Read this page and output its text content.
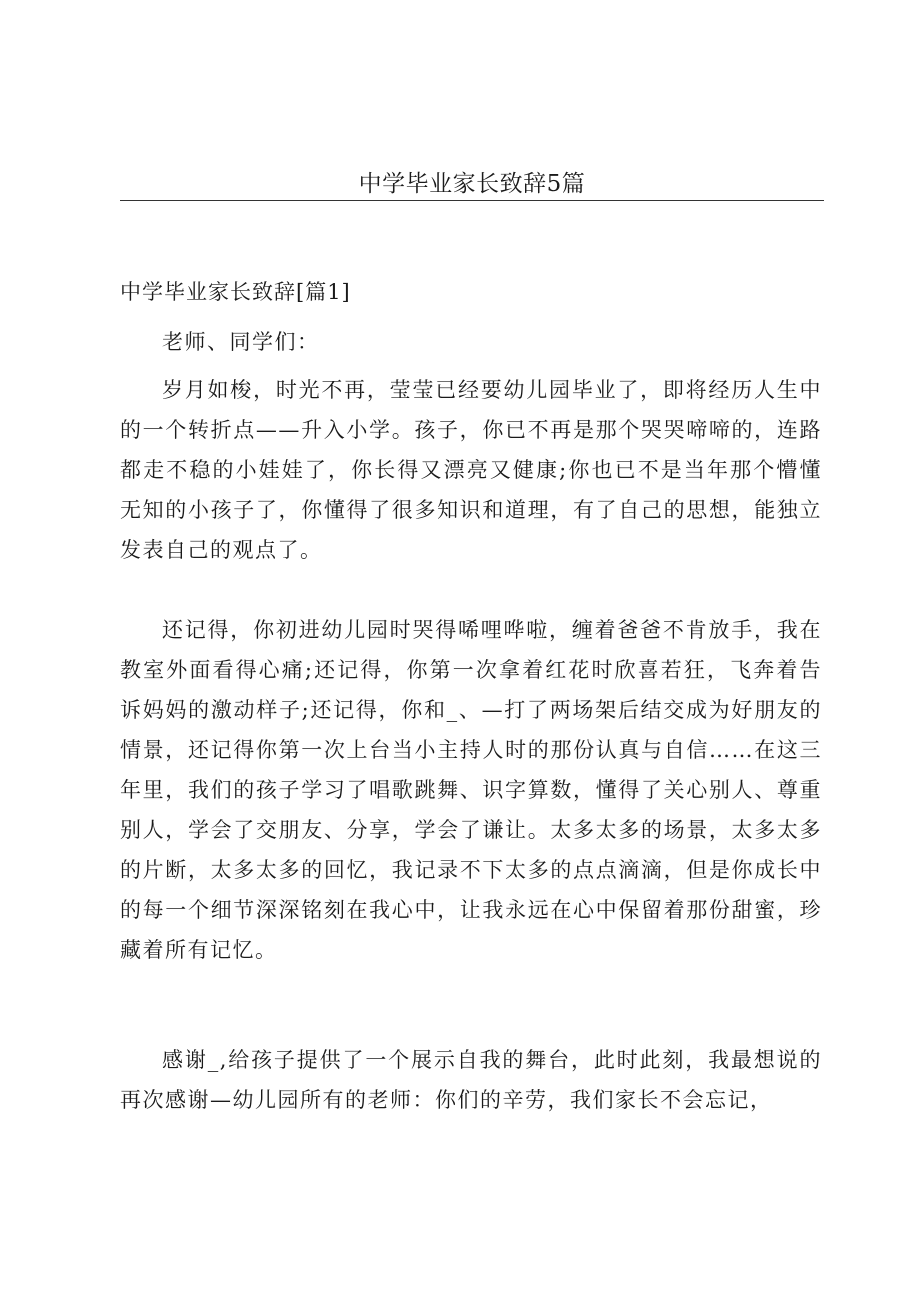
中学毕业家长致辞5篇
中学毕业家长致辞[篇1]

老师、同学们：

岁月如梭，时光不再，莹莹已经要幼儿园毕业了，即将经历人生中的一个转折点——升入小学。孩子，你已不再是那个哭哭啼啼的，连路都走不稳的小娃娃了，你长得又漂亮又健康;你也已不是当年那个懵懂无知的小孩子了，你懂得了很多知识和道理，有了自己的思想，能独立发表自己的观点了。

还记得，你初进幼儿园时哭得唏哩哗啦，缠着爸爸不肯放手，我在教室外面看得心痛;还记得，你第一次拿着红花时欣喜若狂，飞奔着告诉妈妈的激动样子;还记得，你和_、—打了两场架后结交成为好朋友的情景，还记得你第一次上台当小主持人时的那份认真与自信……在这三年里，我们的孩子学习了唱歌跳舞、识字算数，懂得了关心别人、尊重别人，学会了交朋友、分享，学会了谦让。太多太多的场景，太多太多的片断，太多太多的回忆，我记录不下太多的点点滴滴，但是你成长中的每一个细节深深铭刻在我心中，让我永远在心中保留着那份甜蜜，珍藏着所有记忆。

感谢_,给孩子提供了一个展示自我的舞台，此时此刻，我最想说的再次感谢—幼儿园所有的老师：你们的辛劳，我们家长不会忘记，
